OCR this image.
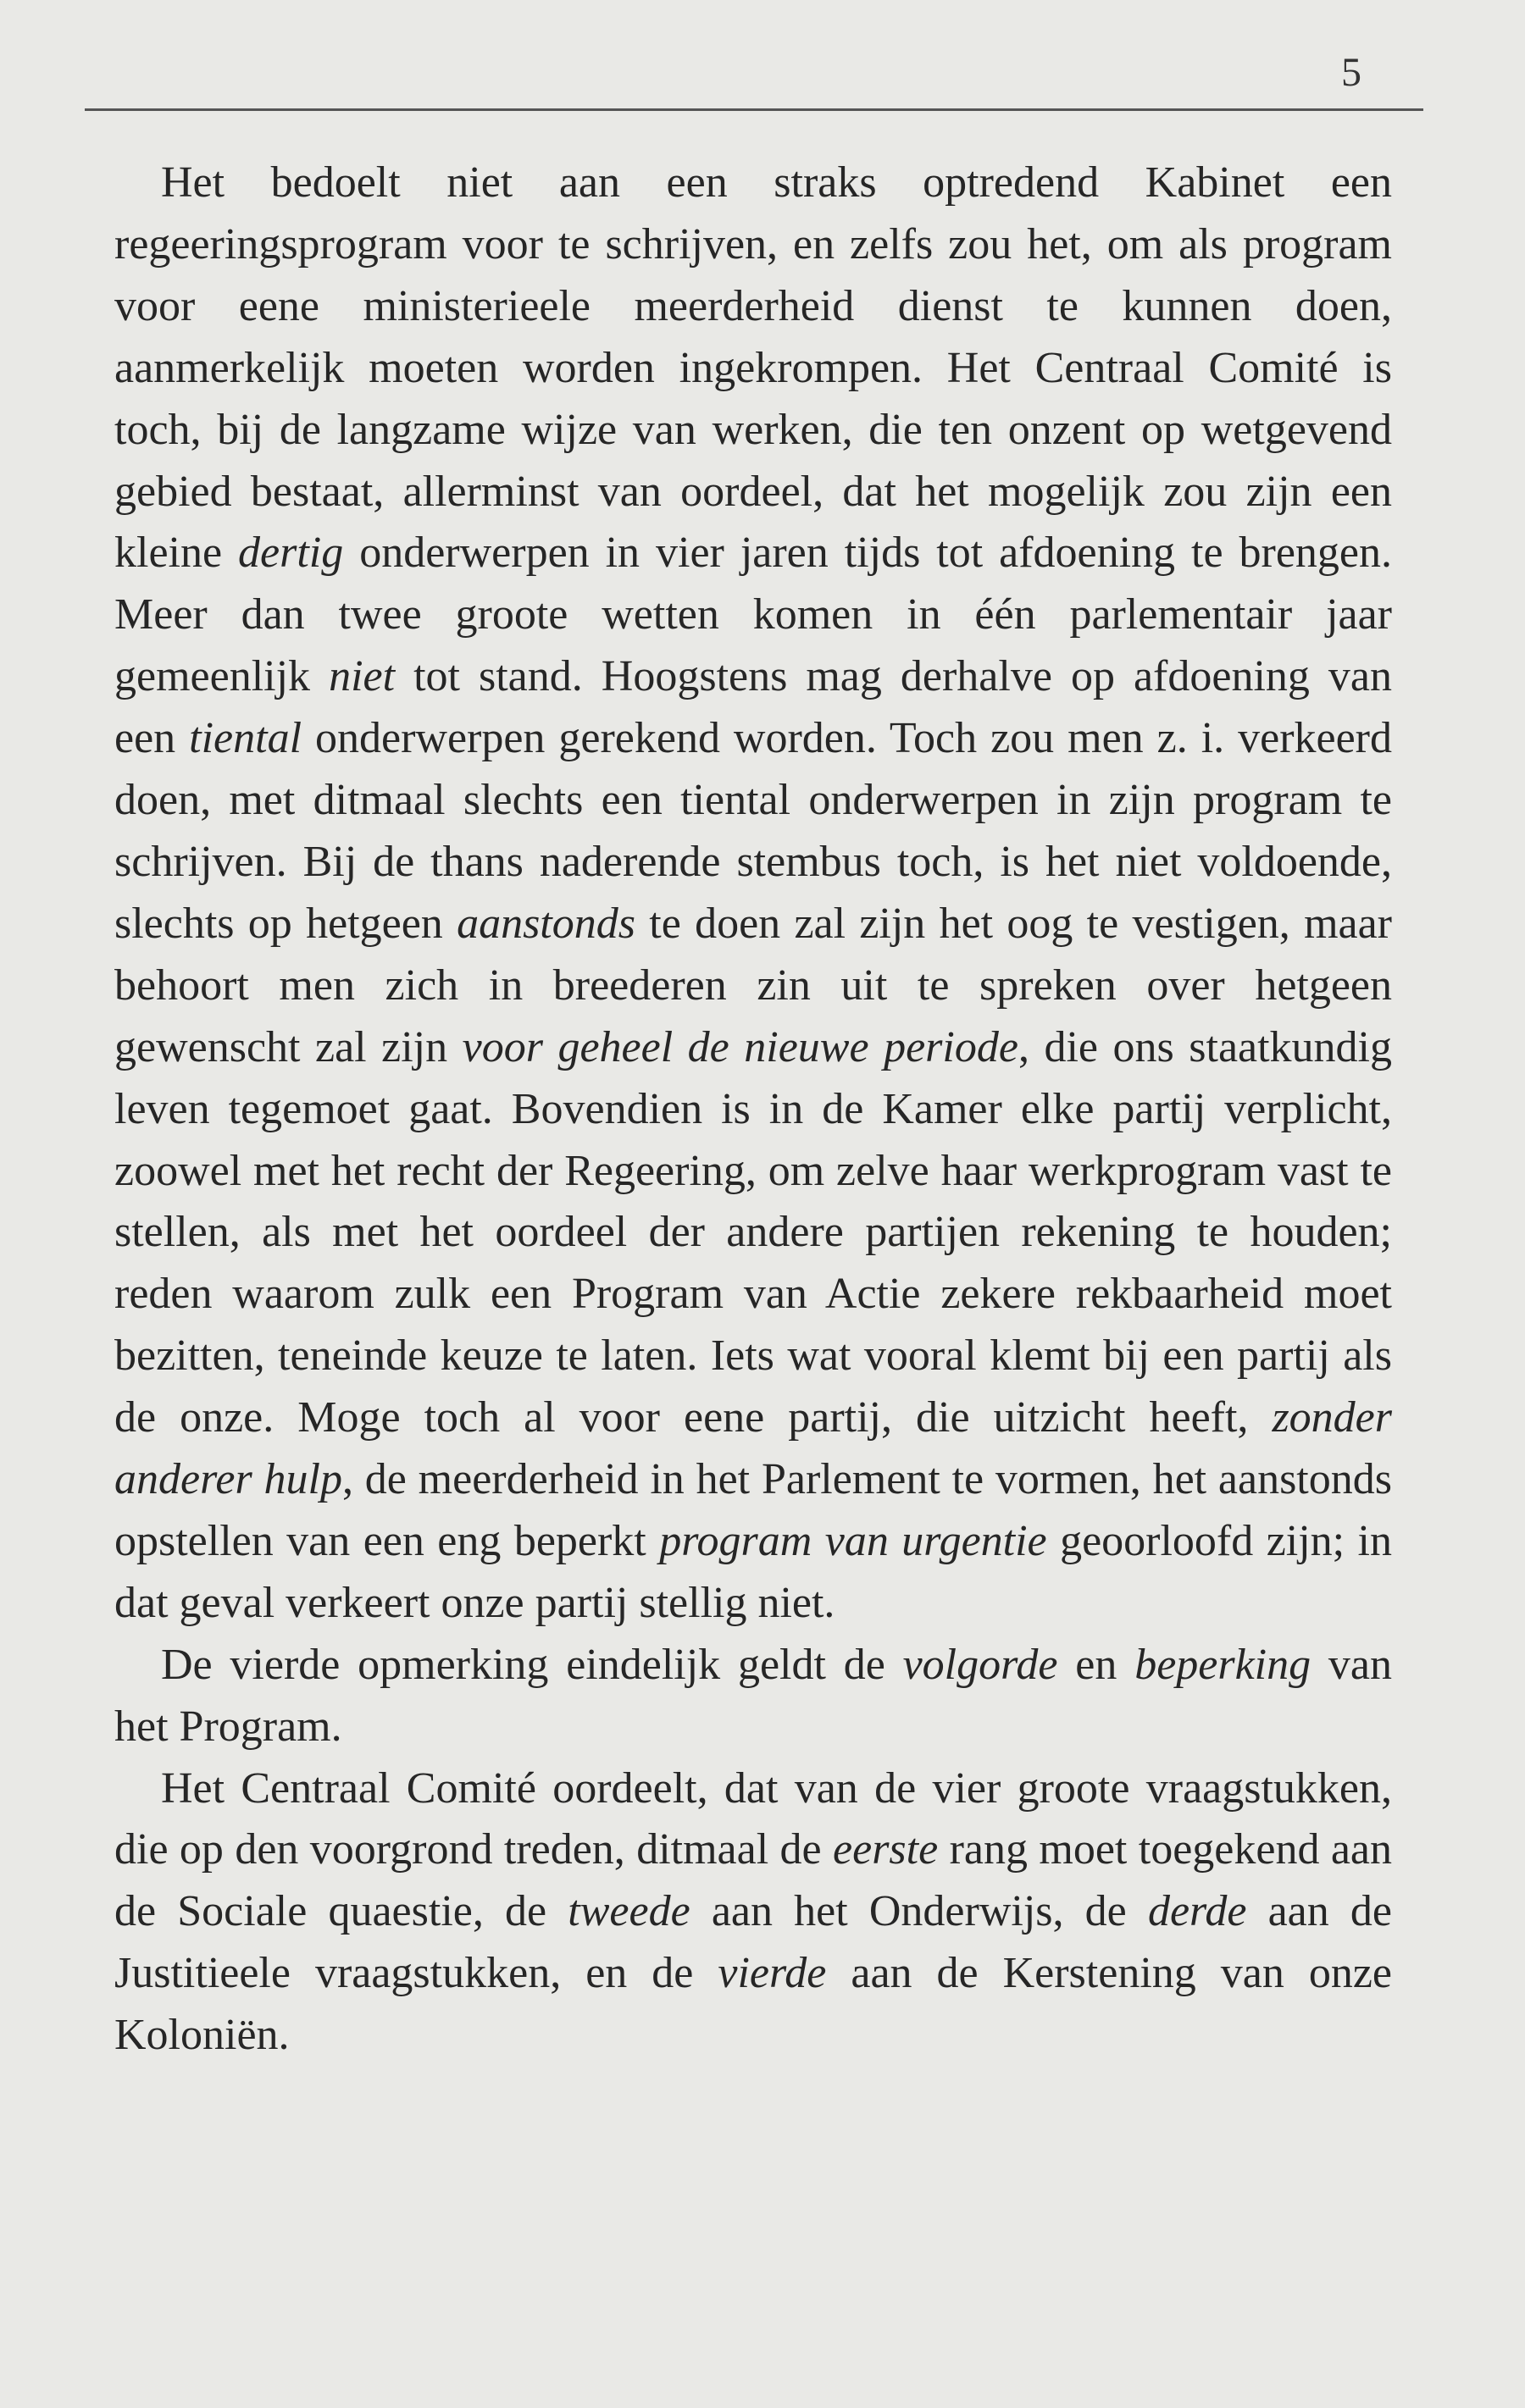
5

Het bedoelt niet aan een straks optredend Kabinet een regeeringsprogram voor te schrijven, en zelfs zou het, om als program voor eene ministerieele meerderheid dienst te kunnen doen, aanmerkelijk moeten worden ingekrompen. Het Centraal Comité is toch, bij de langzame wijze van werken, die ten onzent op wetgevend gebied bestaat, allerminst van oordeel, dat het mogelijk zou zijn een kleine dertig onderwerpen in vier jaren tijds tot afdoening te brengen. Meer dan twee groote wetten komen in één parlementair jaar gemeenlijk niet tot stand. Hoogstens mag derhalve op afdoening van een tiental onderwerpen gerekend worden. Toch zou men z. i. verkeerd doen, met ditmaal slechts een tiental onderwerpen in zijn program te schrijven. Bij de thans naderende stembus toch, is het niet voldoende, slechts op hetgeen aanstonds te doen zal zijn het oog te vestigen, maar behoort men zich in breederen zin uit te spreken over hetgeen gewenscht zal zijn voor geheel de nieuwe periode, die ons staatkundig leven tegemoet gaat. Bovendien is in de Kamer elke partij verplicht, zoowel met het recht der Regeering, om zelve haar werkprogram vast te stellen, als met het oordeel der andere partijen rekening te houden; reden waarom zulk een Program van Actie zekere rekbaarheid moet bezitten, teneinde keuze te laten. Iets wat vooral klemt bij een partij als de onze. Moge toch al voor eene partij, die uitzicht heeft, zonder anderer hulp, de meerderheid in het Parlement te vormen, het aanstonds opstellen van een eng beperkt program van urgentie geoorloofd zijn; in dat geval verkeert onze partij stellig niet.

De vierde opmerking eindelijk geldt de volgorde en beperking van het Program.

Het Centraal Comité oordeelt, dat van de vier groote vraagstukken, die op den voorgrond treden, ditmaal de eerste rang moet toegekend aan de Sociale quaestie, de tweede aan het Onderwijs, de derde aan de Justitieele vraagstukken, en de vierde aan de Kerstening van onze Koloniën.
